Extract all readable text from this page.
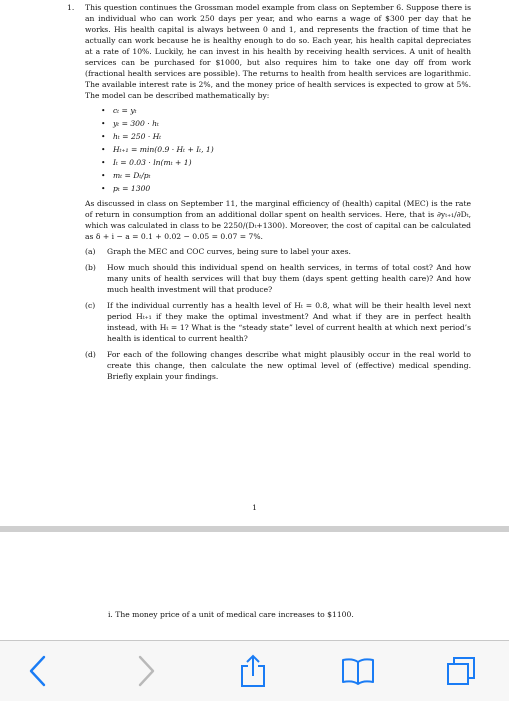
1. This question continues the Grossman model example from class on September 6. Suppose there is an individual who can work 250 days per year, and who earns a wage of $300 per day that he works. His health capital is always between 0 and 1, and represents the fraction of time that he actually can work because he is healthy enough to do so. Each year, his health capital depreciates at a rate of 10%. Luckily, he can invest in his health by receiving health services. A unit of health services can be purchased for $1000, but also requires him to take one day off from work (fractional health services are possible). The returns to health from health services are logarithmic. The available interest rate is 2%, and the money price of health services is expected to grow at 5%. The model can be described mathematically by:
• cₜ = yₜ
• yₜ = 300 · hₜ
• hₜ = 250 · Hₜ
• Hₜ₊₁ = min(0.9 · Hₜ + Iₜ, 1)
• Iₜ = 0.03 · ln(mₜ + 1)
• mₜ = Dₜ/pₜ
• pₜ = 1300
As discussed in class on September 11, the marginal efficiency of (health) capital (MEC) is the rate of return in consumption from an additional dollar spent on health services. Here, that is ∂yₜ₊₁/∂Dₜ, which was calculated in class to be 2250/(Dₜ+1300). Moreover, the cost of capital can be calculated as δ + i − a = 0.1 + 0.02 − 0.05 = 0.07 = 7%.
(a) Graph the MEC and COC curves, being sure to label your axes.
(b) How much should this individual spend on health services, in terms of total cost? And how many units of health services will that buy them (days spent getting health care)? And how much health investment will that produce?
(c) If the individual currently has a health level of Hₜ = 0.8, what will be their health level next period Hₜ₊₁ if they make the optimal investment? And what if they are in perfect health instead, with Hₜ = 1? What is the “steady state” level of current health at which next period’s health is identical to current health?
(d) For each of the following changes describe what might plausibly occur in the real world to create this change, then calculate the new optimal level of (effective) medical spending. Briefly explain your findings.
1
i. The money price of a unit of medical care increases to $1100.
